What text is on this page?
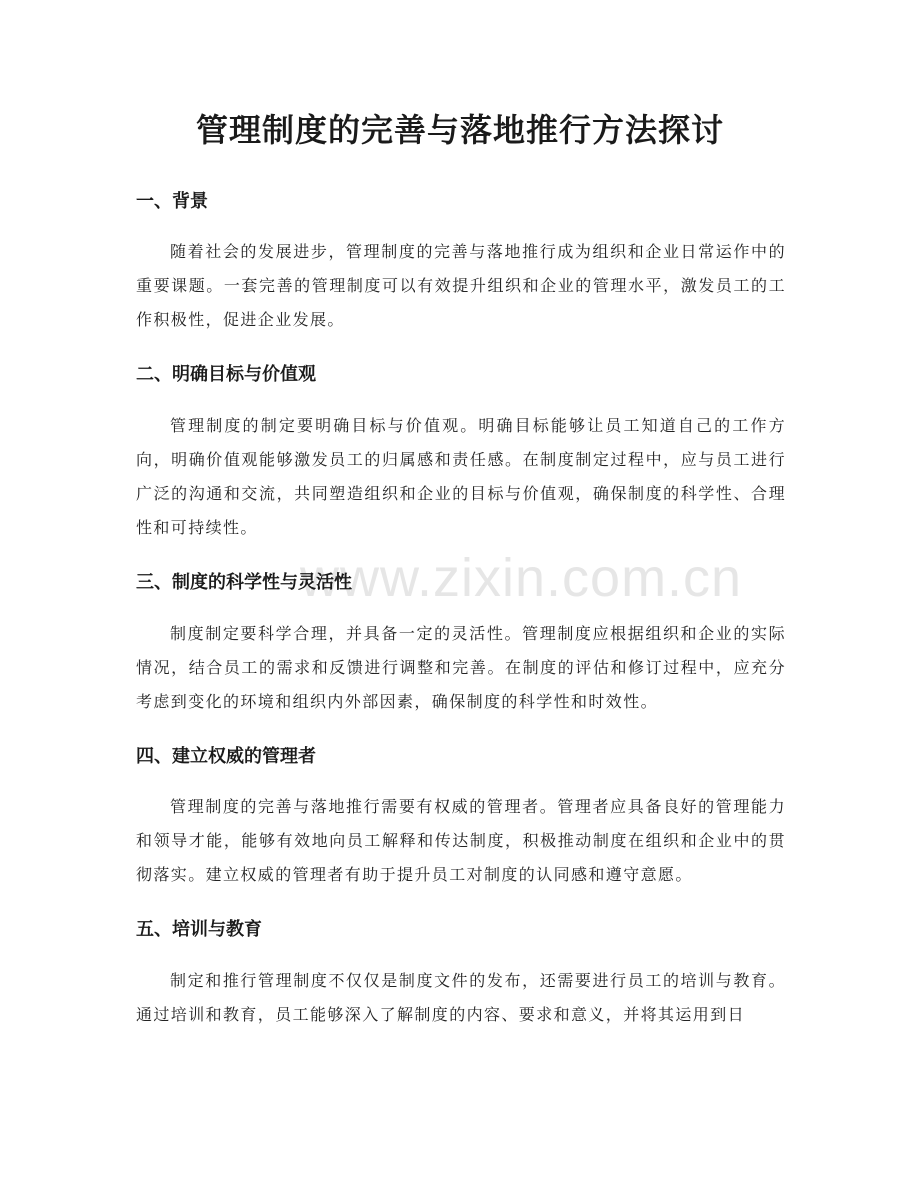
www.zixin.com.cn
管理制度的完善与落地推行方法探讨
一、背景

随着社会的发展进步，管理制度的完善与落地推行成为组织和企业日常运作中的重要课题。一套完善的管理制度可以有效提升组织和企业的管理水平，激发员工的工作积极性，促进企业发展。

二、明确目标与价值观

管理制度的制定要明确目标与价值观。明确目标能够让员工知道自己的工作方向，明确价值观能够激发员工的归属感和责任感。在制度制定过程中，应与员工进行广泛的沟通和交流，共同塑造组织和企业的目标与价值观，确保制度的科学性、合理性和可持续性。

三、制度的科学性与灵活性

制度制定要科学合理，并具备一定的灵活性。管理制度应根据组织和企业的实际情况，结合员工的需求和反馈进行调整和完善。在制度的评估和修订过程中，应充分考虑到变化的环境和组织内外部因素，确保制度的科学性和时效性。

四、建立权威的管理者

管理制度的完善与落地推行需要有权威的管理者。管理者应具备良好的管理能力和领导才能，能够有效地向员工解释和传达制度，积极推动制度在组织和企业中的贯彻落实。建立权威的管理者有助于提升员工对制度的认同感和遵守意愿。

五、培训与教育

制定和推行管理制度不仅仅是制度文件的发布，还需要进行员工的培训与教育。通过培训和教育，员工能够深入了解制度的内容、要求和意义，并将其运用到日
